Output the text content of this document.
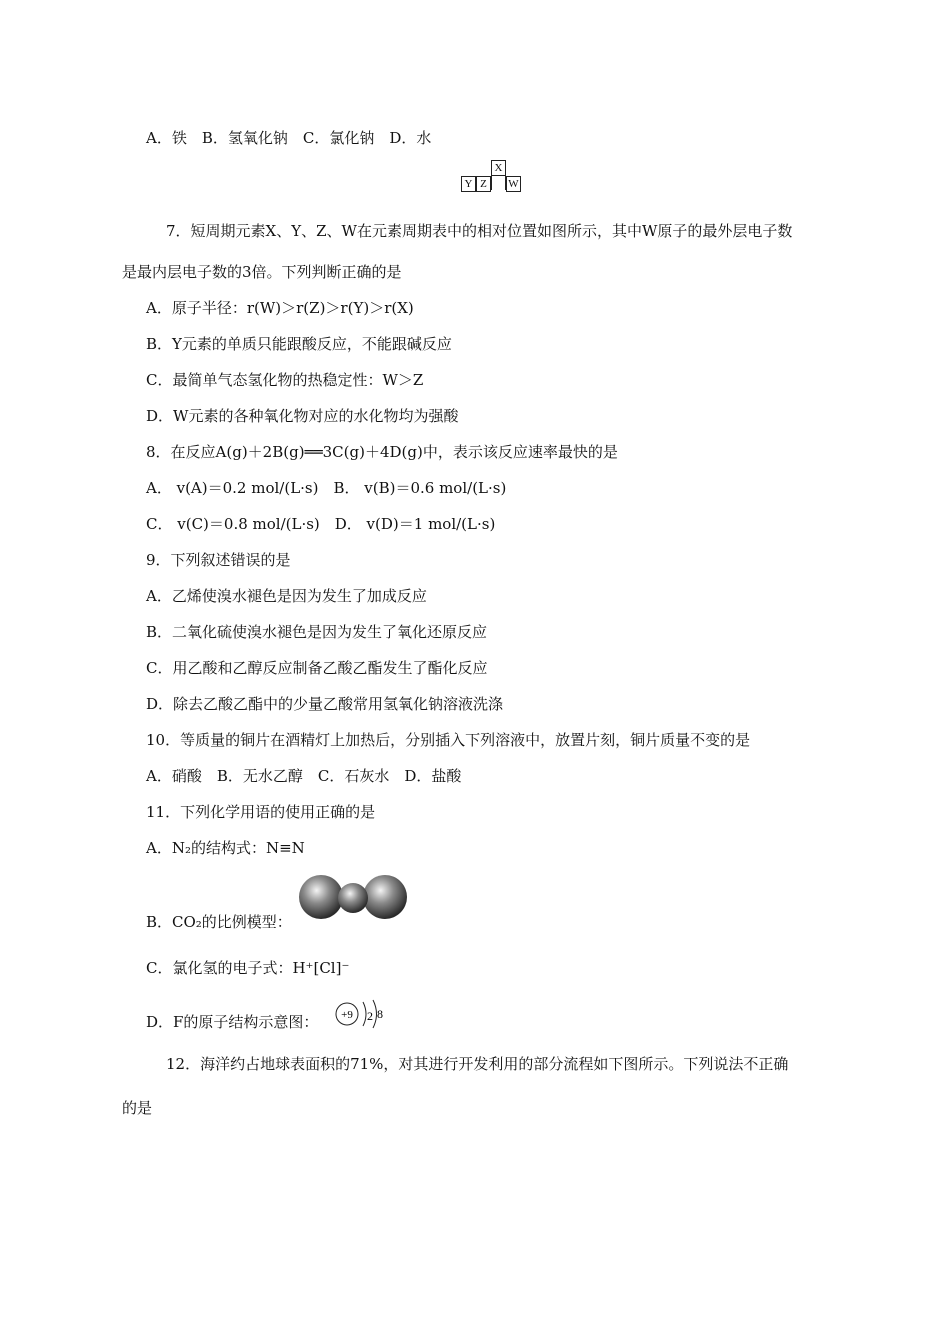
A．铁　B．氢氧化钠　C．氯化钠　D．水
X
Y Z	W
7．短周期元素X、Y、Z、W在元素周期表中的相对位置如图所示，其中W原子的最外层电子数
是最内层电子数的3倍。下列判断正确的是
A．原子半径：r(W)＞r(Z)＞r(Y)＞r(X)
B．Y元素的单质只能跟酸反应，不能跟碱反应
C．最简单气态氢化物的热稳定性：W＞Z
D．W元素的各种氧化物对应的水化物均为强酸
8．在反应A(g)＋2B(g)══3C(g)＋4D(g)中，表示该反应速率最快的是
A． v(A)＝0.2 mol/(L·s)　B． v(B)＝0.6 mol/(L·s)
C． v(C)＝0.8 mol/(L·s)　D． v(D)＝1 mol/(L·s)
9．下列叙述错误的是
A．乙烯使溴水褪色是因为发生了加成反应
B．二氧化硫使溴水褪色是因为发生了氧化还原反应
C．用乙酸和乙醇反应制备乙酸乙酯发生了酯化反应
D．除去乙酸乙酯中的少量乙酸常用氢氧化钠溶液洗涤
10．等质量的铜片在酒精灯上加热后，分别插入下列溶液中，放置片刻，铜片质量不变的是
A．硝酸　B．无水乙醇　C．石灰水　D．盐酸
11．下列化学用语的使用正确的是
A．N₂的结构式：N≡N
B．CO₂的比例模型：
C．氯化氢的电子式：H⁺[Cl]⁻
D．F的原子结构示意图： +9 2 8
12．海洋约占地球表面积的71%，对其进行开发利用的部分流程如下图所示。下列说法不正确
的是
